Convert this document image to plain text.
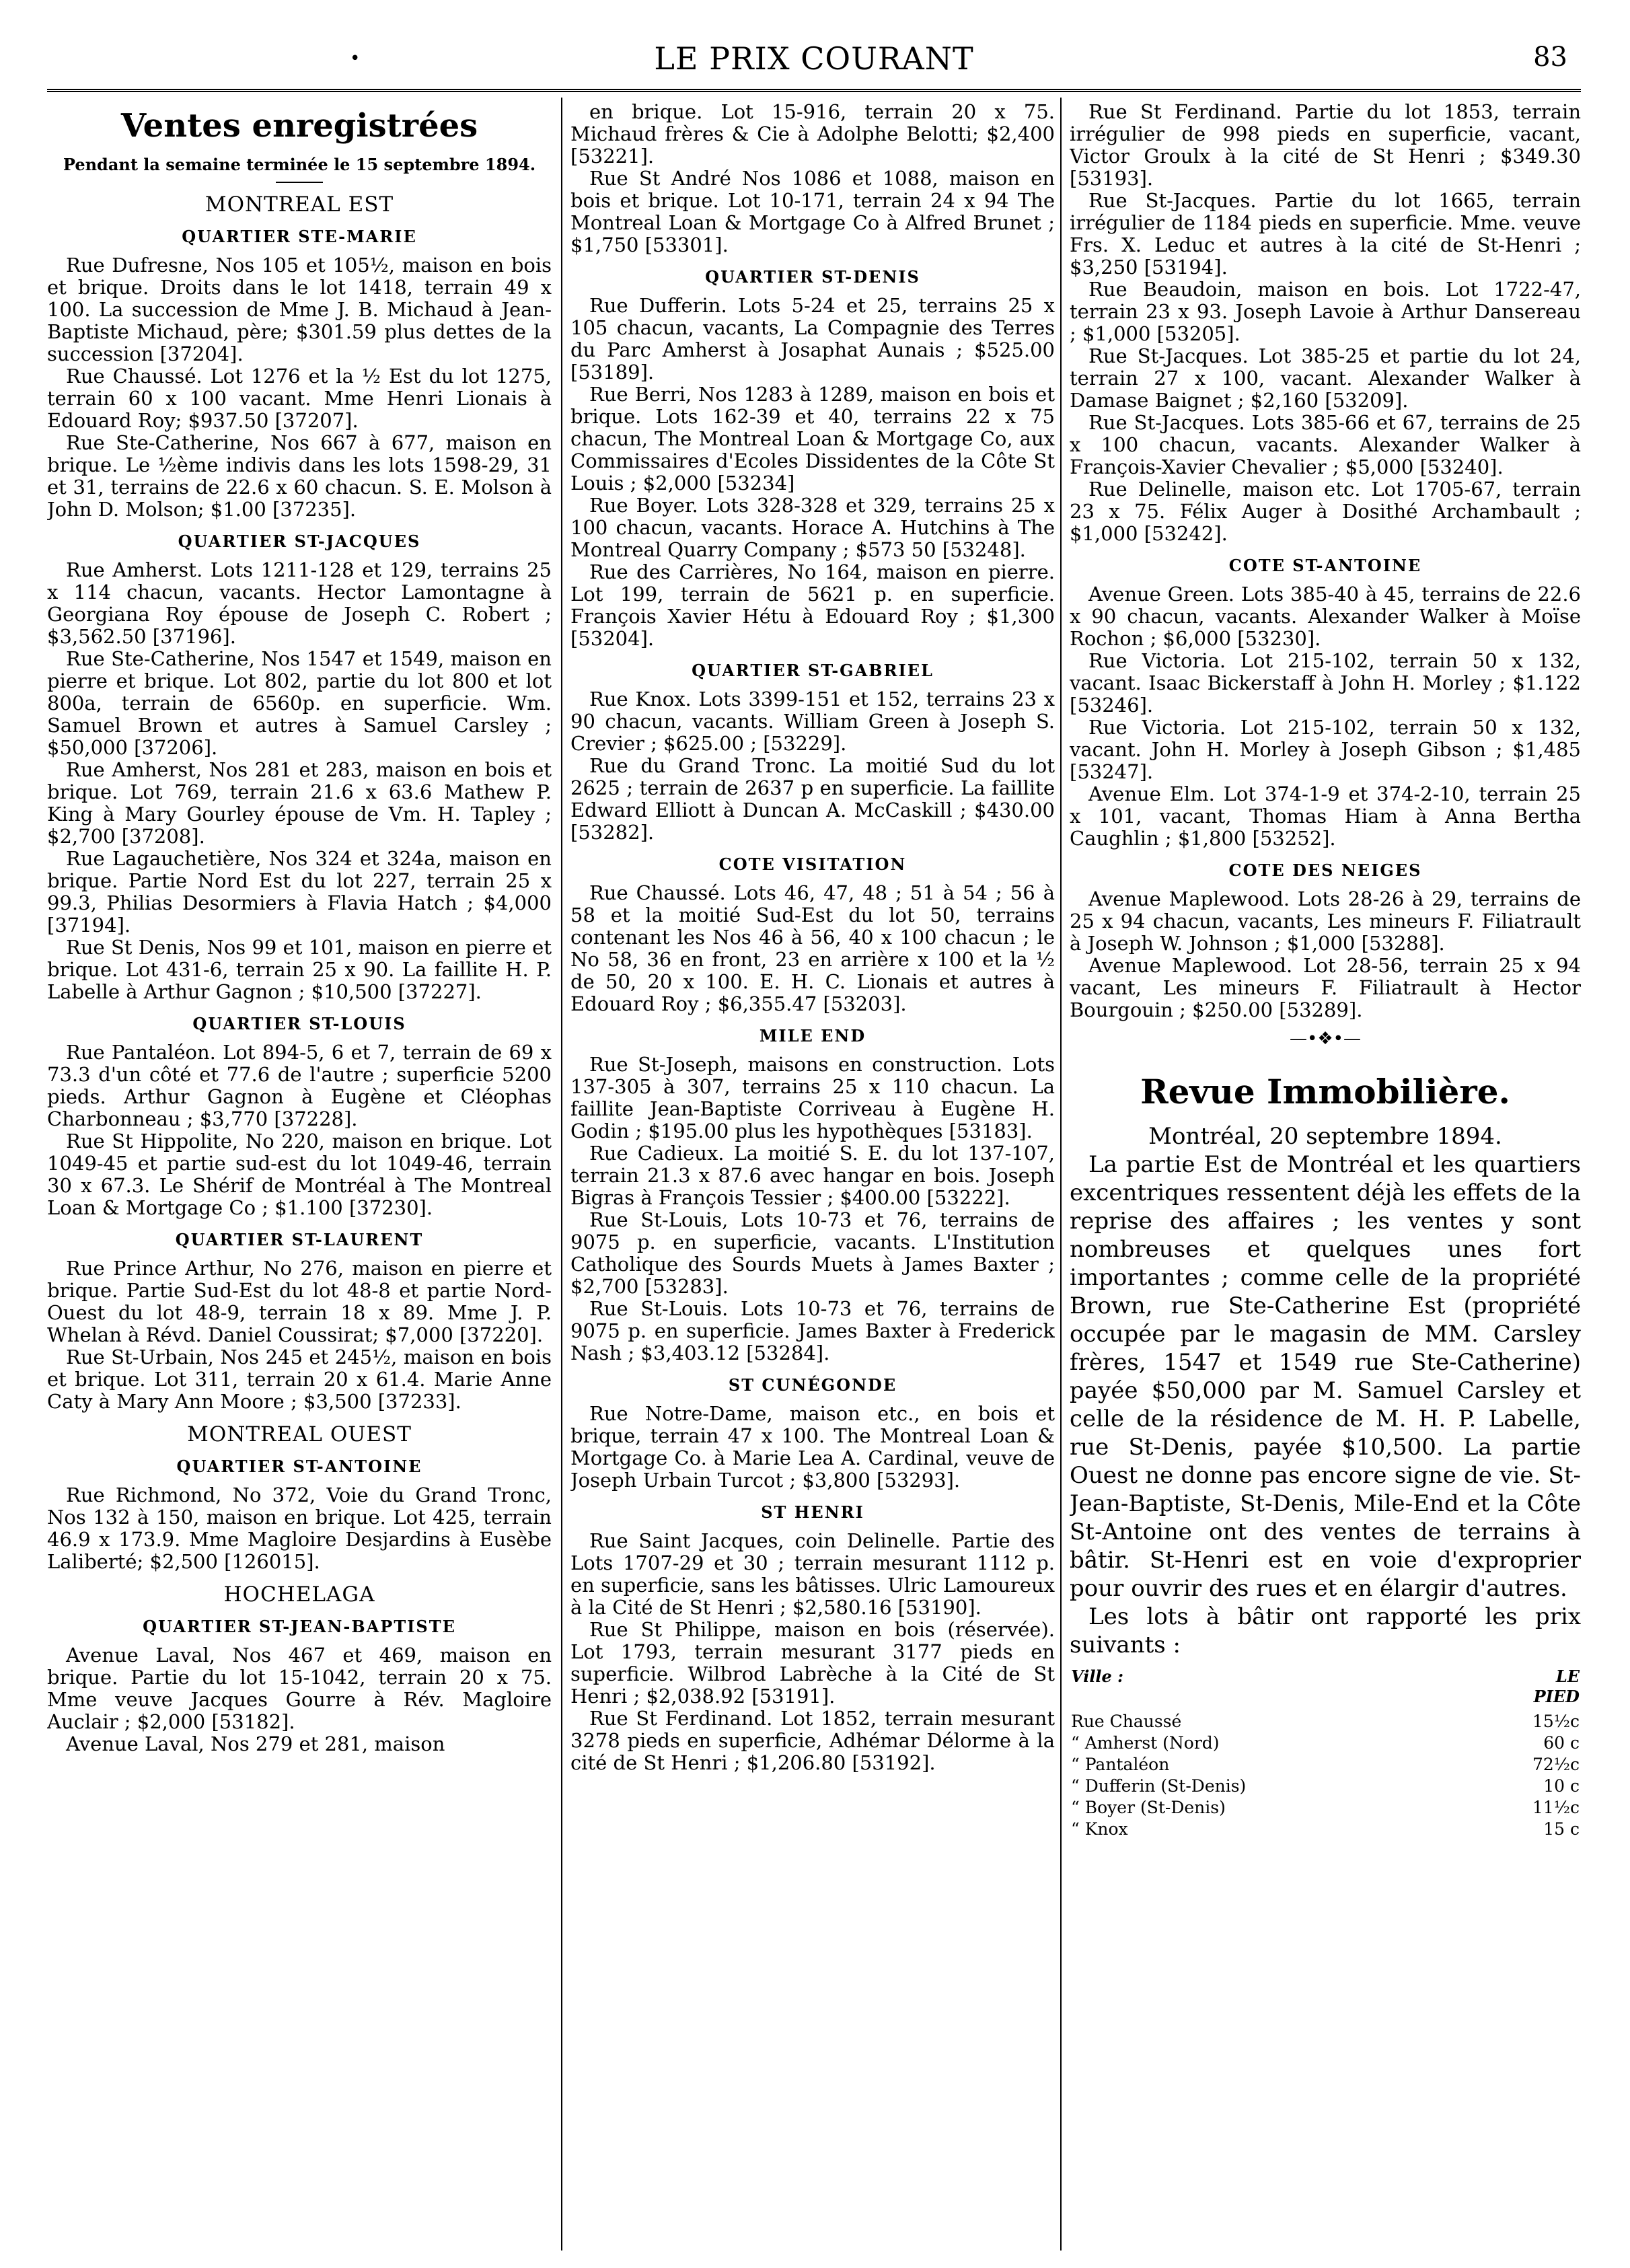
•	LE PRIX COURANT	83
Ventes enregistrées
Pendant la semaine terminée le 15 septembre 1894.
MONTREAL EST
QUARTIER STE-MARIE

Rue Dufresne, Nos 105 et 105½, maison en bois et brique. Droits dans le lot 1418, terrain 49 x 100. La succession de Mme J. B. Michaud à Jean-Baptiste Michaud, père; $301.59 plus dettes de la succession [37204].

Rue Chaussé. Lot 1276 et la ½ Est du lot 1275, terrain 60 x 100 vacant. Mme Henri Lionais à Edouard Roy; $937.50 [37207].

Rue Ste-Catherine, Nos 667 à 677, maison en brique. Le ½ème indivis dans les lots 1598-29, 31 et 31, terrains de 22.6 x 60 chacun. S. E. Molson à John D. Molson; $1.00 [37235].

QUARTIER ST-JACQUES

Rue Amherst. Lots 1211-128 et 129, terrains 25 x 114 chacun, vacants. Hector Lamontagne à Georgiana Roy épouse de Joseph C. Robert ; $3,562.50 [37196].

Rue Ste-Catherine, Nos 1547 et 1549, maison en pierre et brique. Lot 802, partie du lot 800 et lot 800a, terrain de 6560p. en superficie. Wm. Samuel Brown et autres à Samuel Carsley ; $50,000 [37206].

Rue Amherst, Nos 281 et 283, maison en bois et brique. Lot 769, terrain 21.6 x 63.6 Mathew P. King à Mary Gourley épouse de Vm. H. Tapley ; $2,700 [37208].

Rue Lagauchetière, Nos 324 et 324a, maison en brique. Partie Nord Est du lot 227, terrain 25 x 99.3, Philias Desormiers à Flavia Hatch ; $4,000 [37194].

Rue St Denis, Nos 99 et 101, maison en pierre et brique. Lot 431-6, terrain 25 x 90. La faillite H. P. Labelle à Arthur Gagnon ; $10,500 [37227].

QUARTIER ST-LOUIS

Rue Pantaléon. Lot 894-5, 6 et 7, terrain de 69 x 73.3 d'un côté et 77.6 de l'autre ; superficie 5200 pieds. Arthur Gagnon à Eugène et Cléophas Charbonneau ; $3,770 [37228].

Rue St Hippolite, No 220, maison en brique. Lot 1049-45 et partie sud-est du lot 1049-46, terrain 30 x 67.3. Le Shérif de Montréal à The Montreal Loan & Mortgage Co ; $1.100 [37230].

QUARTIER ST-LAURENT

Rue Prince Arthur, No 276, maison en pierre et brique. Partie Sud-Est du lot 48-8 et partie Nord-Ouest du lot 48-9, terrain 18 x 89. Mme J. P. Whelan à Révd. Daniel Coussirat; $7,000 [37220].

Rue St-Urbain, Nos 245 et 245½, maison en bois et brique. Lot 311, terrain 20 x 61.4. Marie Anne Caty à Mary Ann Moore ; $3,500 [37233].

MONTREAL OUEST
QUARTIER ST-ANTOINE

Rue Richmond, No 372, Voie du Grand Tronc, Nos 132 à 150, maison en brique. Lot 425, terrain 46.9 x 173.9. Mme Magloire Desjardins à Eusèbe Laliberté; $2,500 [126015].

HOCHELAGA
QUARTIER ST-JEAN-BAPTISTE

Avenue Laval, Nos 467 et 469, maison en brique. Partie du lot 15-1042, terrain 20 x 75. Mme veuve Jacques Gourre à Rév. Magloire Auclair ; $2,000 [53182].

Avenue Laval, Nos 279 et 281, maison

en brique. Lot 15-916, terrain 20 x 75. Michaud frères & Cie à Adolphe Belotti; $2,400 [53221].

Rue St André Nos 1086 et 1088, maison en bois et brique. Lot 10-171, terrain 24 x 94 The Montreal Loan & Mortgage Co à Alfred Brunet ; $1,750 [53301].

QUARTIER ST-DENIS

Rue Dufferin. Lots 5-24 et 25, terrains 25 x 105 chacun, vacants, La Compagnie des Terres du Parc Amherst à Josaphat Aunais ; $525.00 [53189].

Rue Berri, Nos 1283 à 1289, maison en bois et brique. Lots 162-39 et 40, terrains 22 x 75 chacun, The Montreal Loan & Mortgage Co, aux Commissaires d'Ecoles Dissidentes de la Côte St Louis ; $2,000 [53234]

Rue Boyer. Lots 328-328 et 329, terrains 25 x 100 chacun, vacants. Horace A. Hutchins à The Montreal Quarry Company ; $573 50 [53248].

Rue des Carrières, No 164, maison en pierre. Lot 199, terrain de 5621 p. en superficie. François Xavier Hétu à Edouard Roy ; $1,300 [53204].

QUARTIER ST-GABRIEL

Rue Knox. Lots 3399-151 et 152, terrains 23 x 90 chacun, vacants. William Green à Joseph S. Crevier ; $625.00 ; [53229].

Rue du Grand Tronc. La moitié Sud du lot 2625 ; terrain de 2637 p en superficie. La faillite Edward Elliott à Duncan A. McCaskill ; $430.00 [53282].

COTE VISITATION

Rue Chaussé. Lots 46, 47, 48 ; 51 à 54 ; 56 à 58 et la moitié Sud-Est du lot 50, terrains contenant les Nos 46 à 56, 40 x 100 chacun ; le No 58, 36 en front, 23 en arrière x 100 et la ½ de 50, 20 x 100. E. H. C. Lionais et autres à Edouard Roy ; $6,355.47 [53203].

MILE END

Rue St-Joseph, maisons en construction. Lots 137-305 à 307, terrains 25 x 110 chacun. La faillite Jean-Baptiste Corriveau à Eugène H. Godin ; $195.00 plus les hypothèques [53183].

Rue Cadieux. La moitié S. E. du lot 137-107, terrain 21.3 x 87.6 avec hangar en bois. Joseph Bigras à François Tessier ; $400.00 [53222].

Rue St-Louis, Lots 10-73 et 76, terrains de 9075 p. en superficie, vacants. L'Institution Catholique des Sourds Muets à James Baxter ; $2,700 [53283].

Rue St-Louis. Lots 10-73 et 76, terrains de 9075 p. en superficie. James Baxter à Frederick Nash ; $3,403.12 [53284].

ST CUNÉGONDE

Rue Notre-Dame, maison etc., en bois et brique, terrain 47 x 100. The Montreal Loan & Mortgage Co. à Marie Lea A. Cardinal, veuve de Joseph Urbain Turcot ; $3,800 [53293].

ST HENRI

Rue Saint Jacques, coin Delinelle. Partie des Lots 1707-29 et 30 ; terrain mesurant 1112 p. en superficie, sans les bâtisses. Ulric Lamoureux à la Cité de St Henri ; $2,580.16 [53190].

Rue St Philippe, maison en bois (réservée). Lot 1793, terrain mesurant 3177 pieds en superficie. Wilbrod Labrèche à la Cité de St Henri ; $2,038.92 [53191].

Rue St Ferdinand. Lot 1852, terrain mesurant 3278 pieds en superficie, Adhémar Délorme à la cité de St Henri ; $1,206.80 [53192].

Rue St Ferdinand. Partie du lot 1853, terrain irrégulier de 998 pieds en superficie, vacant, Victor Groulx à la cité de St Henri ; $349.30 [53193].

Rue St-Jacques. Partie du lot 1665, terrain irrégulier de 1184 pieds en superficie. Mme. veuve Frs. X. Leduc et autres à la cité de St-Henri ; $3,250 [53194].

Rue Beaudoin, maison en bois. Lot 1722-47, terrain 23 x 93. Joseph Lavoie à Arthur Dansereau ; $1,000 [53205].

Rue St-Jacques. Lot 385-25 et partie du lot 24, terrain 27 x 100, vacant. Alexander Walker à Damase Baignet ; $2,160 [53209].

Rue St-Jacques. Lots 385-66 et 67, terrains de 25 x 100 chacun, vacants. Alexander Walker à François-Xavier Chevalier ; $5,000 [53240].

Rue Delinelle, maison etc. Lot 1705-67, terrain 23 x 75. Félix Auger à Dosithé Archambault ; $1,000 [53242].

COTE ST-ANTOINE

Avenue Green. Lots 385-40 à 45, terrains de 22.6 x 90 chacun, vacants. Alexander Walker à Moïse Rochon ; $6,000 [53230].

Rue Victoria. Lot 215-102, terrain 50 x 132, vacant. Isaac Bickerstaff à John H. Morley ; $1.122 [53246].

Rue Victoria. Lot 215-102, terrain 50 x 132, vacant. John H. Morley à Joseph Gibson ; $1,485 [53247].

Avenue Elm. Lot 374-1-9 et 374-2-10, terrain 25 x 101, vacant, Thomas Hiam à Anna Bertha Caughlin ; $1,800 [53252].

COTE DES NEIGES

Avenue Maplewood. Lots 28-26 à 29, terrains de 25 x 94 chacun, vacants, Les mineurs F. Filiatrault à Joseph W. Johnson ; $1,000 [53288].

Avenue Maplewood. Lot 28-56, terrain 25 x 94 vacant, Les mineurs F. Filiatrault à Hector Bourgouin ; $250.00 [53289].

—•❖•—
Revue Immobilière.
Montréal, 20 septembre 1894.

La partie Est de Montréal et les quartiers excentriques ressentent déjà les effets de la reprise des affaires ; les ventes y sont nombreuses et quelques unes fort importantes ; comme celle de la propriété Brown, rue Ste-Catherine Est (propriété occupée par le magasin de MM. Carsley frères, 1547 et 1549 rue Ste-Catherine) payée $50,000 par M. Samuel Carsley et celle de la résidence de M. H. P. Labelle, rue St-Denis, payée $10,500. La partie Ouest ne donne pas encore signe de vie. St-Jean-Baptiste, St-Denis, Mile-End et la Côte St-Antoine ont des ventes de terrains à bâtir. St-Henri est en voie d'exproprier pour ouvrir des rues et en élargir d'autres.

Les lots à bâtir ont rapporté les prix suivants :

Ville :	LE PIED
Rue Chaussé	15½c
“ Amherst (Nord)	60 c
“ Pantaléon	72½c
“ Dufferin (St-Denis)	10 c
“ Boyer (St-Denis)	11½c
“ Knox	15 c
